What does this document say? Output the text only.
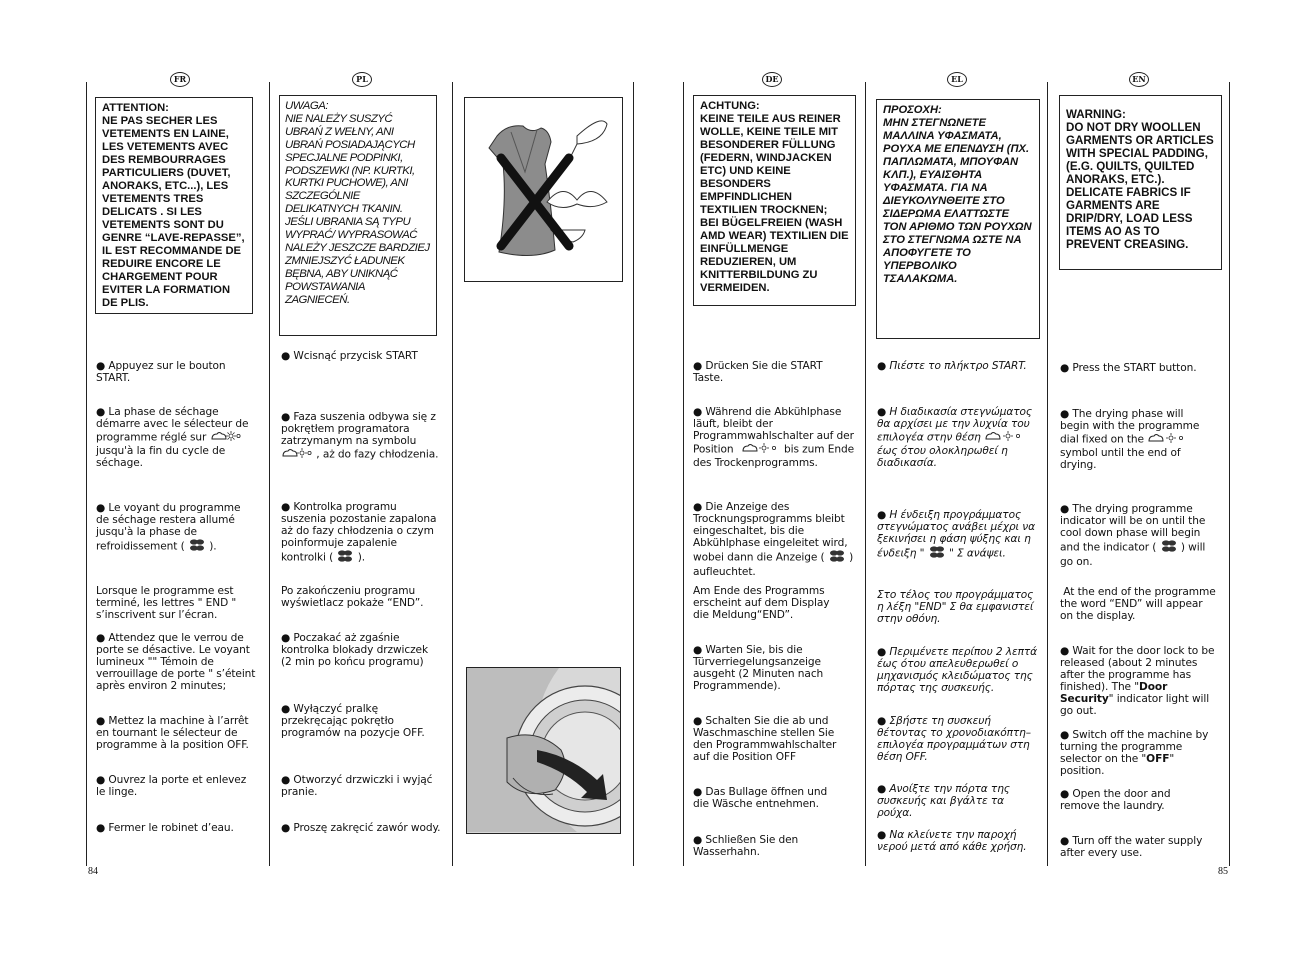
FR	PL	DE	EL	EN
ATTENTION:
NE PAS SECHER LES VETEMENTS EN LAINE, LES VETEMENTS AVEC DES REMBOURRAGES PARTICULIERS (DUVET, ANORAKS, ETC...), LES VETEMENTS TRES DELICATS . SI LES VETEMENTS SONT DU GENRE “LAVE-REPASSE”, IL EST RECOMMANDE DE REDUIRE ENCORE LE CHARGEMENT POUR EVITER LA FORMATION DE PLIS.
● Appuyez sur le bouton START.
● La phase de séchage démarre avec le sélecteur de programme réglé sur  jusqu'à la fin du cycle de séchage.
● Le voyant du programme de séchage restera allumé jusqu'à la phase de refroidissement ( ).
Lorsque le programme est terminé, les lettres " END " s’inscrivent sur l’écran.
● Attendez que le verrou de porte se désactive. Le voyant lumineux "" Témoin de verrouillage de porte " s’éteint après environ 2 minutes;
● Mettez la machine à l’arrêt en tournant le sélecteur de programme à la position OFF.
● Ouvrez la porte et enlevez le linge.
● Fermer le robinet d’eau.
UWAGA:
NIE NALEŻY SUSZYĆ UBRAŃ Z WEŁNY, ANI UBRAŃ POSIADAJĄCYCH SPECJALNE PODPINKI, PODSZEWKI (NP. KURTKI, KURTKI PUCHOWE), ANI SZCZEGÓLNIE DELIKATNYCH TKANIN. JEŚLI UBRANIA SĄ TYPU WYPRAĆ/ WYPRASOWAĆ NALEŻY JESZCZE BARDZIEJ ZMNIEJSZYĆ ŁADUNEK BĘBNA, ABY UNIKNĄĆ POWSTAWANIA ZAGNIECEŃ.
● Wcisnąć przycisk START
● Faza suszenia odbywa się z pokrętłem programatora zatrzymanym na symbolu  , aż do fazy chłodzenia.
● Kontrolka programu suszenia pozostanie zapalona aż do fazy chłodzenia o czym poinformuje zapalenie kontrolki ( ).
Po zakończeniu programu wyświetlacz pokaże “END”.
● Poczakać aż zgaśnie kontrolka blokady drzwiczek (2 min po końcu programu)
● Wyłączyć pralkę przekręcając pokrętło programów na pozycje OFF.
● Otworzyć drzwiczki i wyjąć pranie.
● Proszę zakręcić zawór wody.
ACHTUNG:
KEINE TEILE AUS REINER WOLLE, KEINE TEILE MIT BESONDERER FÜLLUNG (FEDERN, WINDJACKEN ETC) UND KEINE BESONDERS EMPFINDLICHEN TEXTILIEN TROCKNEN; BEI BÜGELFREIEN (WASH AMD WEAR) TEXTILIEN DIE EINFÜLLMENGE REDUZIEREN, UM KNITTERBILDUNG ZU VERMEIDEN.
● Drücken Sie die START Taste.
● Während die Abkühlphase läuft, bleibt der Programmwahlschalter auf der Position	bis zum Ende des Trockenprogramms.
● Die Anzeige des Trocknungsprogramms bleibt eingeschaltet, bis die Abkühlphase eingeleitet wird, wobei dann die Anzeige ( ) aufleuchtet.
Am Ende des Programms erscheint auf dem Display die Meldung“END”.
● Warten Sie, bis die Türverriegelungsanzeige ausgeht (2 Minuten nach Programmende).
● Schalten Sie die ab und Waschmaschine stellen Sie den Programmwahlschalter auf die Position OFF
● Das Bullage öffnen und die Wäsche entnehmen.
● Schließen Sie den Wasserhahn.
ΠΡΟΣΟΧΗ:
ΜΗΝ ΣΤΕΓΝΩΝΕΤΕ ΜΑΛΛΙΝΑ ΥΦΑΣΜΑΤΑ, ΡΟΥΧΑ ΜΕ ΕΠΕΝΔΥΣΗ (ΠΧ. ΠΑΠΛΩΜΑΤΑ, ΜΠΟΥΦΑΝ ΚΛΠ.), ΕΥΑΙΣΘΗΤΑ ΥΦΑΣΜΑΤΑ. ΓΙΑ ΝΑ ΔΙΕΥΚΟΛΥΝΘΕΙΤΕ ΣΤΟ ΣΙΔΕΡΩΜΑ ΕΛΑΤΤΩΣΤΕ ΤΟΝ ΑΡΙΘΜΟ ΤΩΝ ΡΟΥΧΩΝ ΣΤΟ ΣΤΕΓΝΩΜΑ ΩΣΤΕ ΝΑ ΑΠΟΦΥΓΕΤΕ ΤΟ ΥΠΕΡΒΟΛΙΚΟ ΤΣΑΛΑΚΩΜΑ.
● Πιέστε το πλήκτρο START.
● Η διαδικασία στεγνώματος θα αρχίσει με την λυχνία του επιλογέα στην θέση  έως ότου ολοκληρωθεί η διαδικασία.
● Η ένδειξη προγράμματος στεγνώματος ανάβει μέχρι να ξεκινήσει η φάση ψύξης και η ένδειξη " " Σ ανάψει.
Στο τέλος του προγράμματος η λέξη "END" Σ θα εμφανιστεί στην οθόνη.
● Περιμένετε περίπου 2 λεπτά έως ότου απελευθερωθεί ο μηχανισμός κλειδώματος της πόρτας της συσκευής.
● Σβήστε τη συσκευή θέτοντας το χρονοδιακόπτη–επιλογέα προγραμμάτων στη θέση OFF.
● Ανοίξτε την πόρτα της συσκευής και βγάλτε τα ρούχα.
● Να κλείνετε την παροχή νερού μετά από κάθε χρήση.
WARNING:
DO NOT DRY WOOLLEN GARMENTS OR ARTICLES WITH SPECIAL PADDING, (E.G. QUILTS, QUILTED ANORAKS, ETC.). DELICATE FABRICS IF GARMENTS ARE DRIP/DRY, LOAD LESS ITEMS AO AS TO PREVENT CREASING.
● Press the START button.
● The drying phase will begin with the programme dial fixed on the  symbol until the end of drying.
● The drying programme indicator will be on until the cool down phase will begin and the indicator ( ) will go on.
At the end of the programme the word “END” will appear on the display.
● Wait for the door lock to be released (about 2 minutes after the programme has finished). The "Door Security" indicator light will go out.
● Switch off the machine by turning the programme selector on the "OFF" position.
● Open the door and remove the laundry.
● Turn off the water supply after every use.
84	85
